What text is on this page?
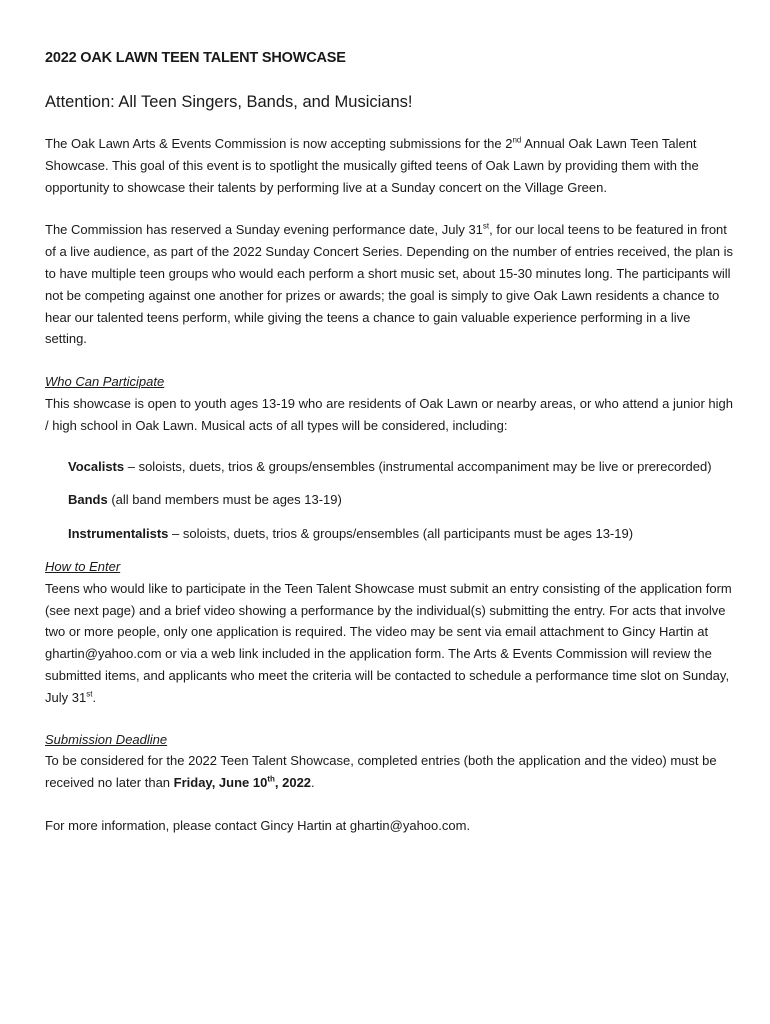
2022 OAK LAWN TEEN TALENT SHOWCASE
Attention: All Teen Singers, Bands, and Musicians!

The Oak Lawn Arts & Events Commission is now accepting submissions for the 2nd Annual Oak Lawn Teen Talent Showcase. This goal of this event is to spotlight the musically gifted teens of Oak Lawn by providing them with the opportunity to showcase their talents by performing live at a Sunday concert on the Village Green.

The Commission has reserved a Sunday evening performance date, July 31st, for our local teens to be featured in front of a live audience, as part of the 2022 Sunday Concert Series. Depending on the number of entries received, the plan is to have multiple teen groups who would each perform a short music set, about 15-30 minutes long. The participants will not be competing against one another for prizes or awards; the goal is simply to give Oak Lawn residents a chance to hear our talented teens perform, while giving the teens a chance to gain valuable experience performing in a live setting.

Who Can Participate

This showcase is open to youth ages 13-19 who are residents of Oak Lawn or nearby areas, or who attend a junior high / high school in Oak Lawn. Musical acts of all types will be considered, including:

Vocalists – soloists, duets, trios & groups/ensembles (instrumental accompaniment may be live or prerecorded)

Bands (all band members must be ages 13-19)

Instrumentalists – soloists, duets, trios & groups/ensembles (all participants must be ages 13-19)

How to Enter

Teens who would like to participate in the Teen Talent Showcase must submit an entry consisting of the application form (see next page) and a brief video showing a performance by the individual(s) submitting the entry. For acts that involve two or more people, only one application is required. The video may be sent via email attachment to Gincy Hartin at ghartin@yahoo.com or via a web link included in the application form. The Arts & Events Commission will review the submitted items, and applicants who meet the criteria will be contacted to schedule a performance time slot on Sunday, July 31st.

Submission Deadline

To be considered for the 2022 Teen Talent Showcase, completed entries (both the application and the video) must be received no later than Friday, June 10th, 2022.

For more information, please contact Gincy Hartin at ghartin@yahoo.com.
